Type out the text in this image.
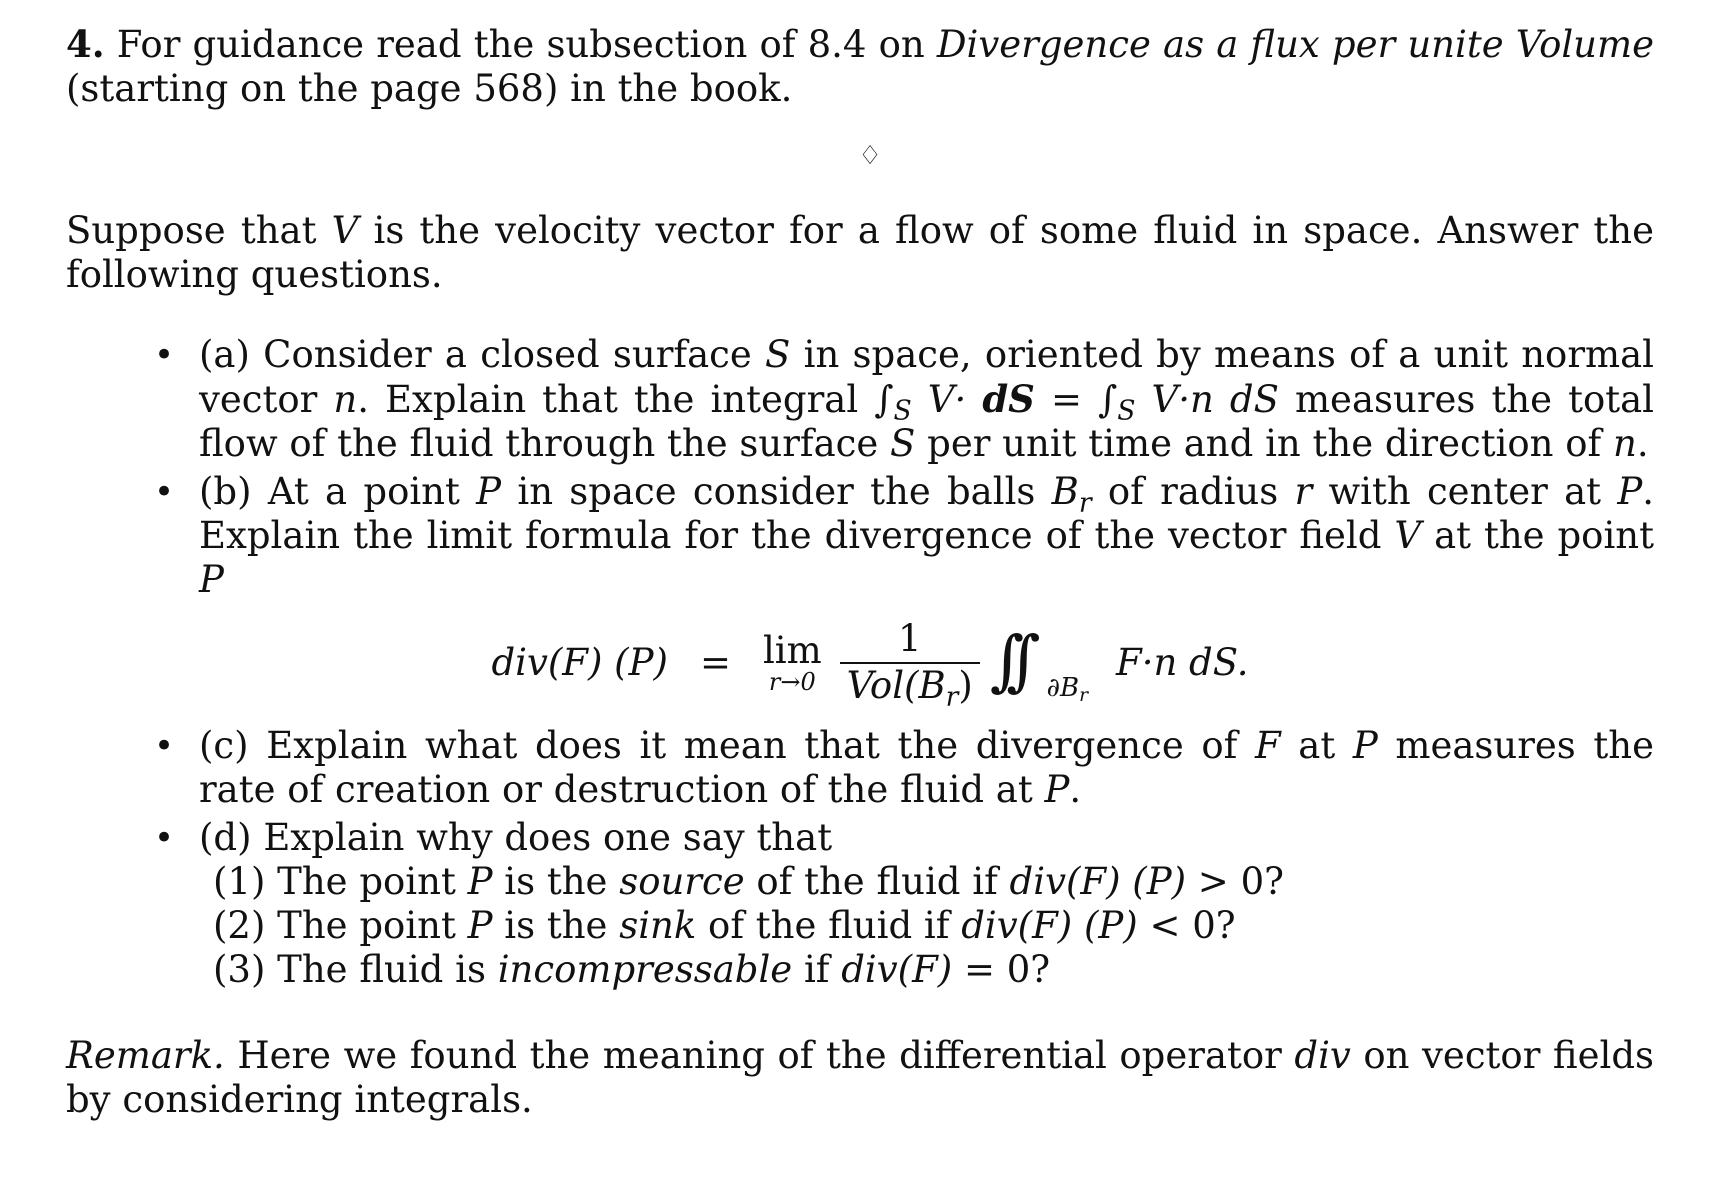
4. For guidance read the subsection of 8.4 on Divergence as a flux per unite Volume (starting on the page 568) in the book.

♢

Suppose that V is the velocity vector for a flow of some fluid in space. Answer the following questions.

• (a) Consider a closed surface S in space, oriented by means of a unit normal vector n. Explain that the integral $\int_S$ V· dS = $\int_S$ V·n dS measures the total flow of the fluid through the surface S per unit time and in the direction of n.
• (b) At a point P in space consider the balls $B_r$ of radius r with center at P. Explain the limit formula for the divergence of the vector field V at the point P
div(F) (P) = lim
$r\to 0 \frac{1}{Vol(B_r)}$ ∫∫ $\partial B_r$
F·n dS.
• (c) Explain what does it mean that the divergence of F at P measures the rate of creation or destruction of the fluid at P.
• (d) Explain why does one say that
(1) The point P is the source of the fluid if div(F) (P) > 0?
(2) The point P is the sink of the fluid if div(F) (P) < 0?
(3) The fluid is incompressable if div(F) = 0?

Remark. Here we found the meaning of the differential operator div on vector fields by considering integrals.
